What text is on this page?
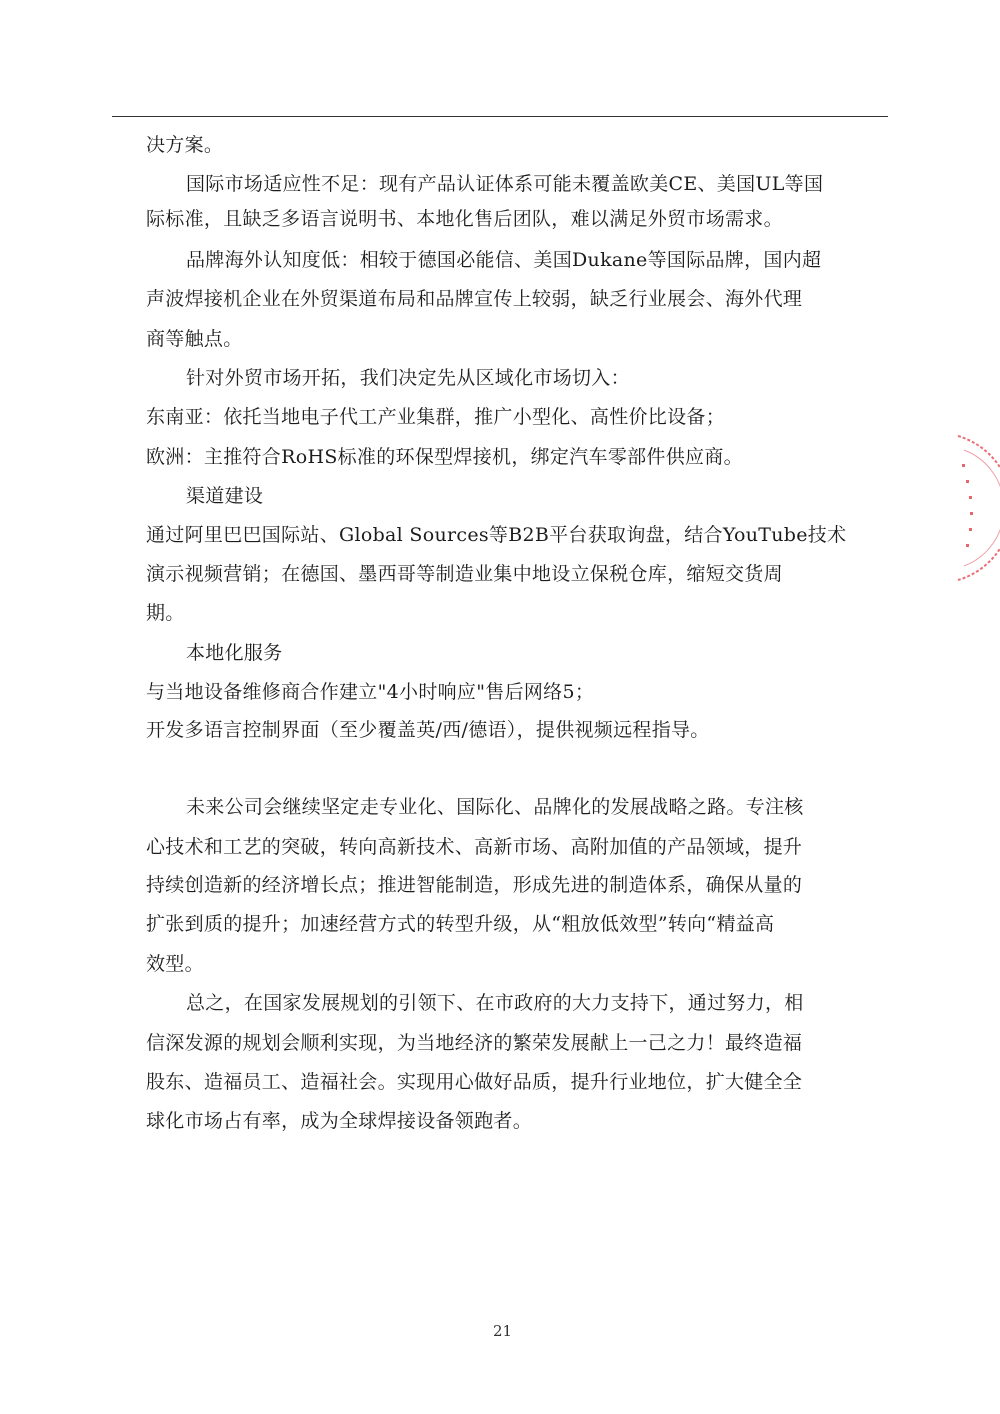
决方案。
国际市场适应性不足：现有产品认证体系可能未覆盖欧美CE、美国UL等国
际标准，且缺乏多语言说明书、本地化售后团队，难以满足外贸市场需求。
品牌海外认知度低：相较于德国必能信、美国Dukane等国际品牌，国内超
声波焊接机企业在外贸渠道布局和品牌宣传上较弱，缺乏行业展会、海外代理
商等触点。
针对外贸市场开拓，我们决定先从区域化市场切入：
东南亚：依托当地电子代工产业集群，推广小型化、高性价比设备；
欧洲：主推符合RoHS标准的环保型焊接机，绑定汽车零部件供应商。
渠道建设
通过阿里巴巴国际站、Global Sources等B2B平台获取询盘，结合YouTube技术
演示视频营销；在德国、墨西哥等制造业集中地设立保税仓库，缩短交货周
期。
本地化服务
与当地设备维修商合作建立"4小时响应"售后网络5；
开发多语言控制界面（至少覆盖英/西/德语），提供视频远程指导。
未来公司会继续坚定走专业化、国际化、品牌化的发展战略之路。专注核
心技术和工艺的突破，转向高新技术、高新市场、高附加值的产品领域，提升
持续创造新的经济增长点；推进智能制造，形成先进的制造体系，确保从量的
扩张到质的提升；加速经营方式的转型升级，从“粗放低效型”转向“精益高
效型。
总之，在国家发展规划的引领下、在市政府的大力支持下，通过努力，相
信深发源的规划会顺利实现，为当地经济的繁荣发展献上一己之力！最终造福
股东、造福员工、造福社会。实现用心做好品质，提升行业地位，扩大健全全
球化市场占有率，成为全球焊接设备领跑者。
21
